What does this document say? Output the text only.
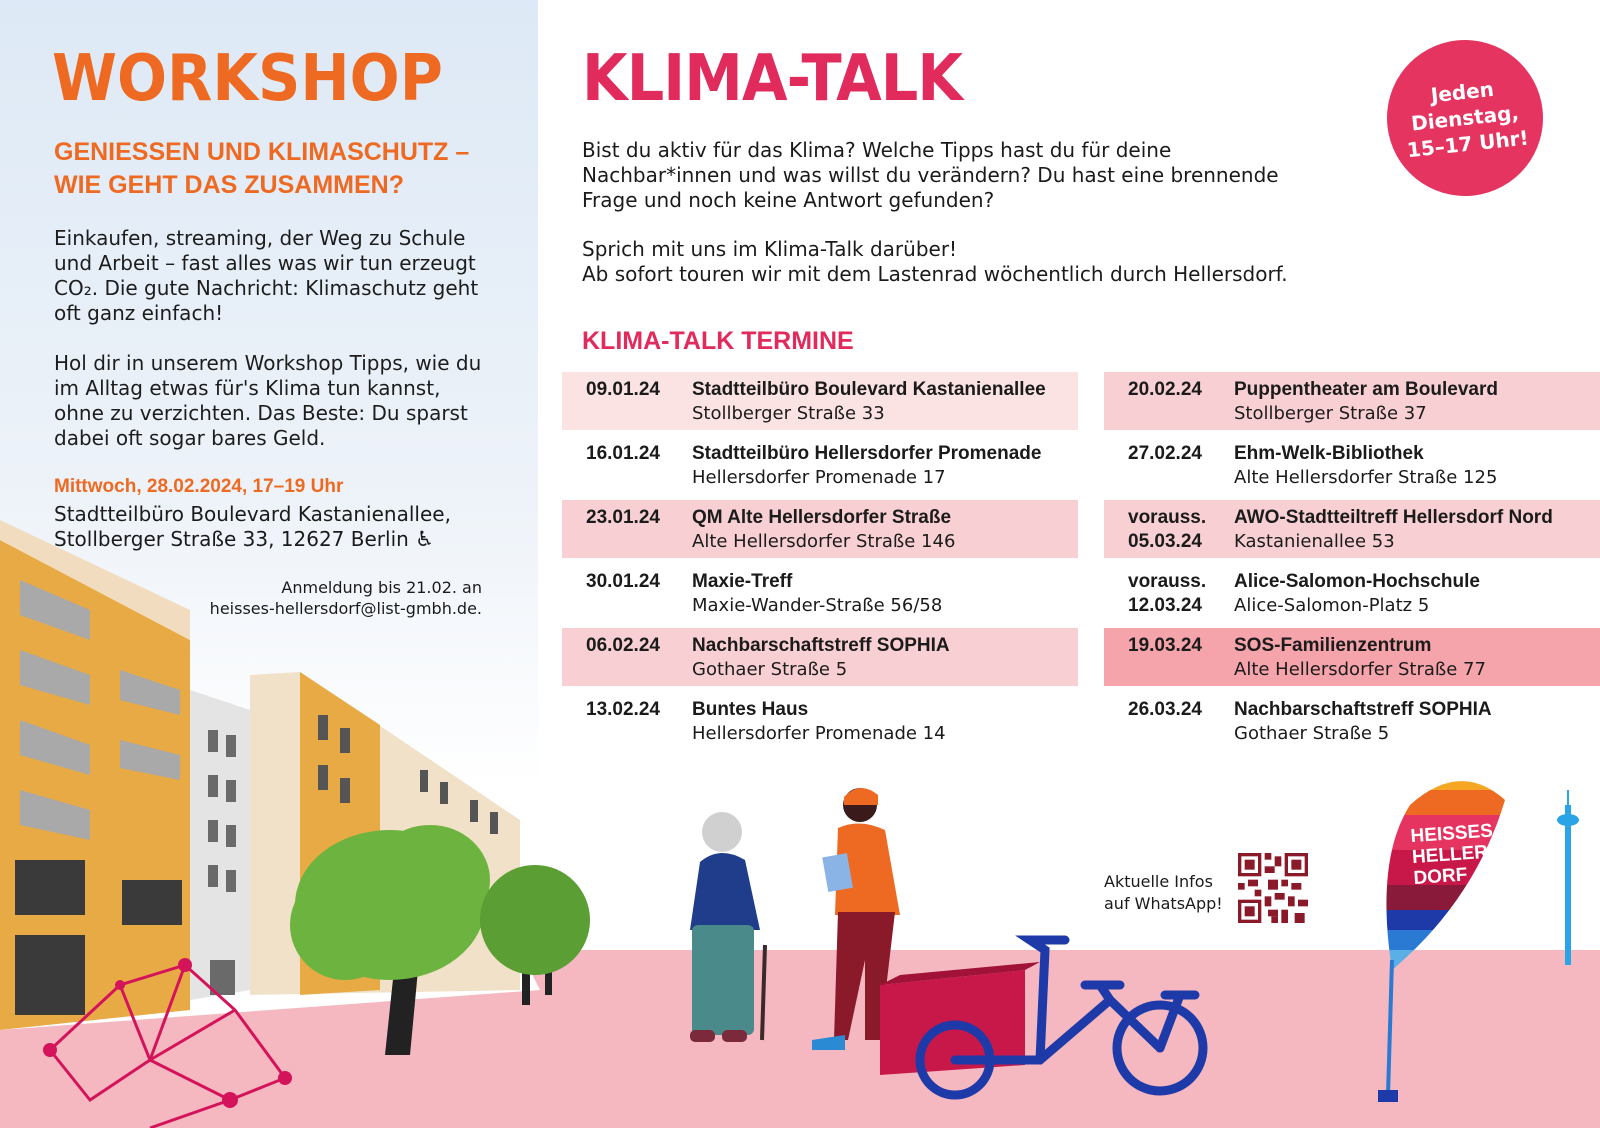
WORKSHOP
GENIESSEN UND KLIMASCHUTZ –
WIE GEHT DAS ZUSAMMEN?
Einkaufen, streaming, der Weg zu Schule und Arbeit – fast alles was wir tun erzeugt CO₂. Die gute Nachricht: Klimaschutz geht oft ganz einfach!
Hol dir in unserem Workshop Tipps, wie du im Alltag etwas für's Klima tun kannst, ohne zu verzichten. Das Beste: Du sparst dabei oft sogar bares Geld.
Mittwoch, 28.02.2024, 17–19 Uhr
Stadtteilbüro Boulevard Kastanienallee,
Stollberger Straße 33, 12627 Berlin ♿
Anmeldung bis 21.02. an
heisses-hellersdorf@list-gmbh.de.
KLIMA-TALK	Jeden
Dienstag,
15–17 Uhr!
Bist du aktiv für das Klima? Welche Tipps hast du für deine Nachbar*innen und was willst du verändern? Du hast eine brennende Frage und noch keine Antwort gefunden?
Sprich mit uns im Klima-Talk darüber!
Ab sofort touren wir mit dem Lastenrad wöchentlich durch Hellersdorf.
KLIMA-TALK TERMINE
09.01.24 Stadtteilbüro Boulevard Kastanienallee
Stollberger Straße 33
16.01.24 Stadtteilbüro Hellersdorfer Promenade
Hellersdorfer Promenade 17
23.01.24 QM Alte Hellersdorfer Straße
Alte Hellersdorfer Straße 146
30.01.24 Maxie-Treff
Maxie-Wander-Straße 56/58
06.02.24 Nachbarschaftstreff SOPHIA
Gothaer Straße 5
13.02.24 Buntes Haus
Hellersdorfer Promenade 14
20.02.24 Puppentheater am Boulevard
Stollberger Straße 37
27.02.24 Ehm-Welk-Bibliothek
Alte Hellersdorfer Straße 125
vorauss.
05.03.24
AWO-Stadtteiltreff Hellersdorf Nord
Kastanienallee 53
vorauss.
12.03.24
Alice-Salomon-Hochschule
Alice-Salomon-Platz 5
19.03.24 SOS-Familienzentrum
Alte Hellersdorfer Straße 77
26.03.24 Nachbarschaftstreff SOPHIA
Gothaer Straße 5
Aktuelle Infos
auf WhatsApp!
HEISSES
HELLERS
DORF
